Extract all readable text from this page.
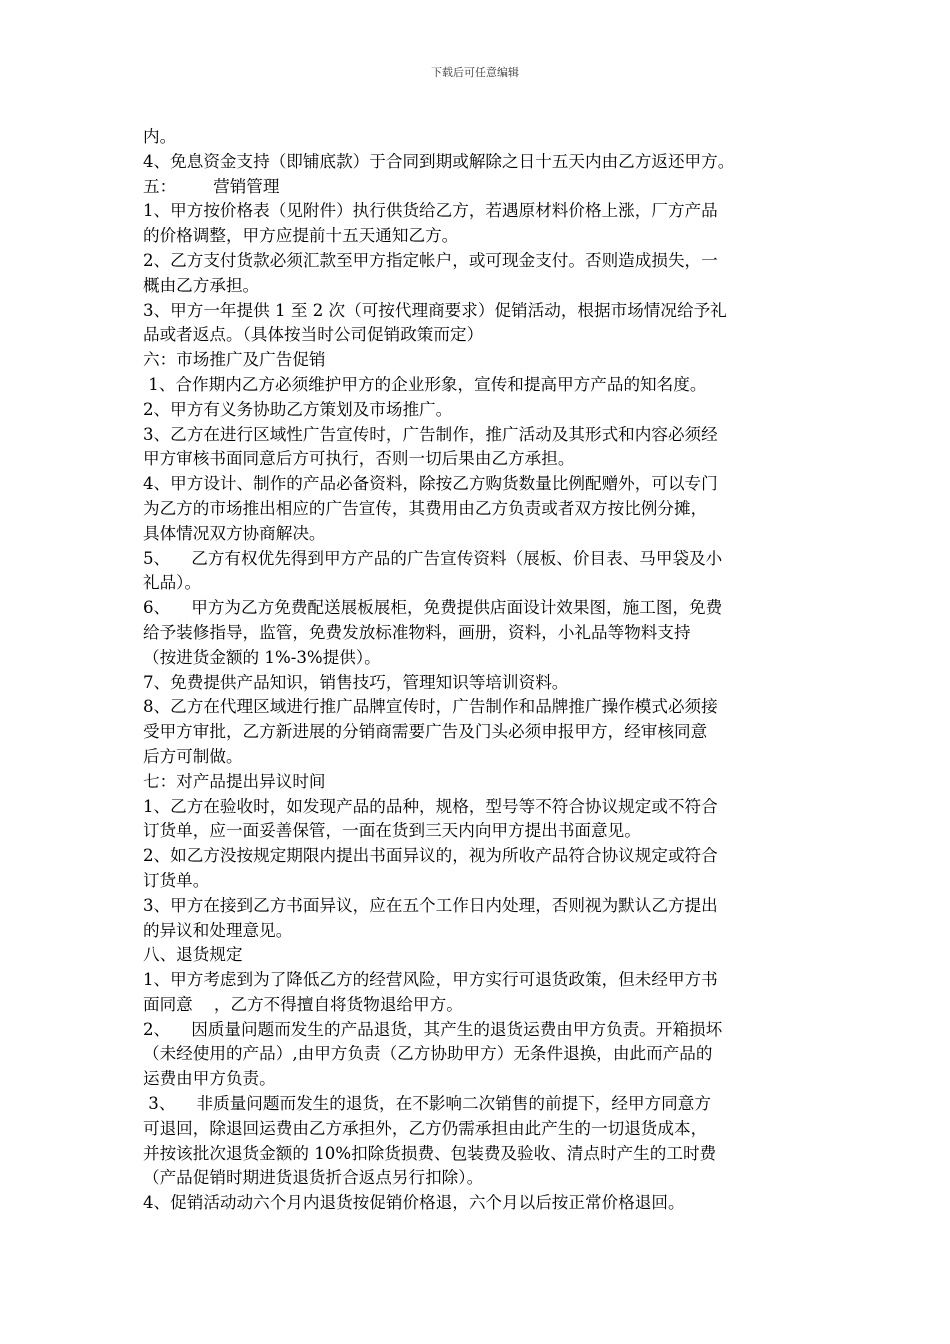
下载后可任意编辑
内。
4、免息资金支持（即铺底款）于合同到期或解除之日十五天内由乙方返还甲方。
五：       营销管理
1、甲方按价格表（见附件）执行供货给乙方，若遇原材料价格上涨，厂方产品
的价格调整，甲方应提前十五天通知乙方。
2、乙方支付货款必须汇款至甲方指定帐户，或可现金支付。否则造成损失，一
概由乙方承担。
3、甲方一年提供 1 至 2 次（可按代理商要求）促销活动，根据市场情况给予礼
品或者返点。（具体按当时公司促销政策而定）
六：市场推广及广告促销
1、合作期内乙方必须维护甲方的企业形象，宣传和提高甲方产品的知名度。
2、甲方有义务协助乙方策划及市场推广。
3、乙方在进行区域性广告宣传时，广告制作，推广活动及其形式和内容必须经
甲方审核书面同意后方可执行，否则一切后果由乙方承担。
4、甲方设计、制作的产品必备资料，除按乙方购货数量比例配赠外，可以专门
为乙方的市场推出相应的广告宣传，其费用由乙方负责或者双方按比例分摊，
具体情况双方协商解决。
5、    乙方有权优先得到甲方产品的广告宣传资料（展板、价目表、马甲袋及小
礼品）。
6、    甲方为乙方免费配送展板展柜，免费提供店面设计效果图，施工图，免费
给予装修指导，监管，免费发放标准物料，画册，资料，小礼品等物料支持
（按进货金额的 1%-3%提供）。
7、免费提供产品知识，销售技巧，管理知识等培训资料。
8、乙方在代理区域进行推广品牌宣传时，广告制作和品牌推广操作模式必须接
受甲方审批，乙方新进展的分销商需要广告及门头必须申报甲方，经审核同意
后方可制做。
七：对产品提出异议时间
1、乙方在验收时，如发现产品的品种，规格，型号等不符合协议规定或不符合
订货单，应一面妥善保管，一面在货到三天内向甲方提出书面意见。
2、如乙方没按规定期限内提出书面异议的，视为所收产品符合协议规定或符合
订货单。
3、甲方在接到乙方书面异议，应在五个工作日内处理，否则视为默认乙方提出
的异议和处理意见。
八、退货规定
1、甲方考虑到为了降低乙方的经营风险，甲方实行可退货政策，但未经甲方书
面同意    ，乙方不得擅自将货物退给甲方。
2、    因质量问题而发生的产品退货，其产生的退货运费由甲方负责。开箱损坏
（未经使用的产品）,由甲方负责（乙方协助甲方）无条件退换，由此而产品的
运费由甲方负责。
3、    非质量问题而发生的退货，在不影响二次销售的前提下，经甲方同意方
可退回，除退回运费由乙方承担外，乙方仍需承担由此产生的一切退货成本，
并按该批次退货金额的 10%扣除货损费、包装费及验收、清点时产生的工时费
（产品促销时期进货退货折合返点另行扣除）。
4、促销活动动六个月内退货按促销价格退，六个月以后按正常价格退回。
